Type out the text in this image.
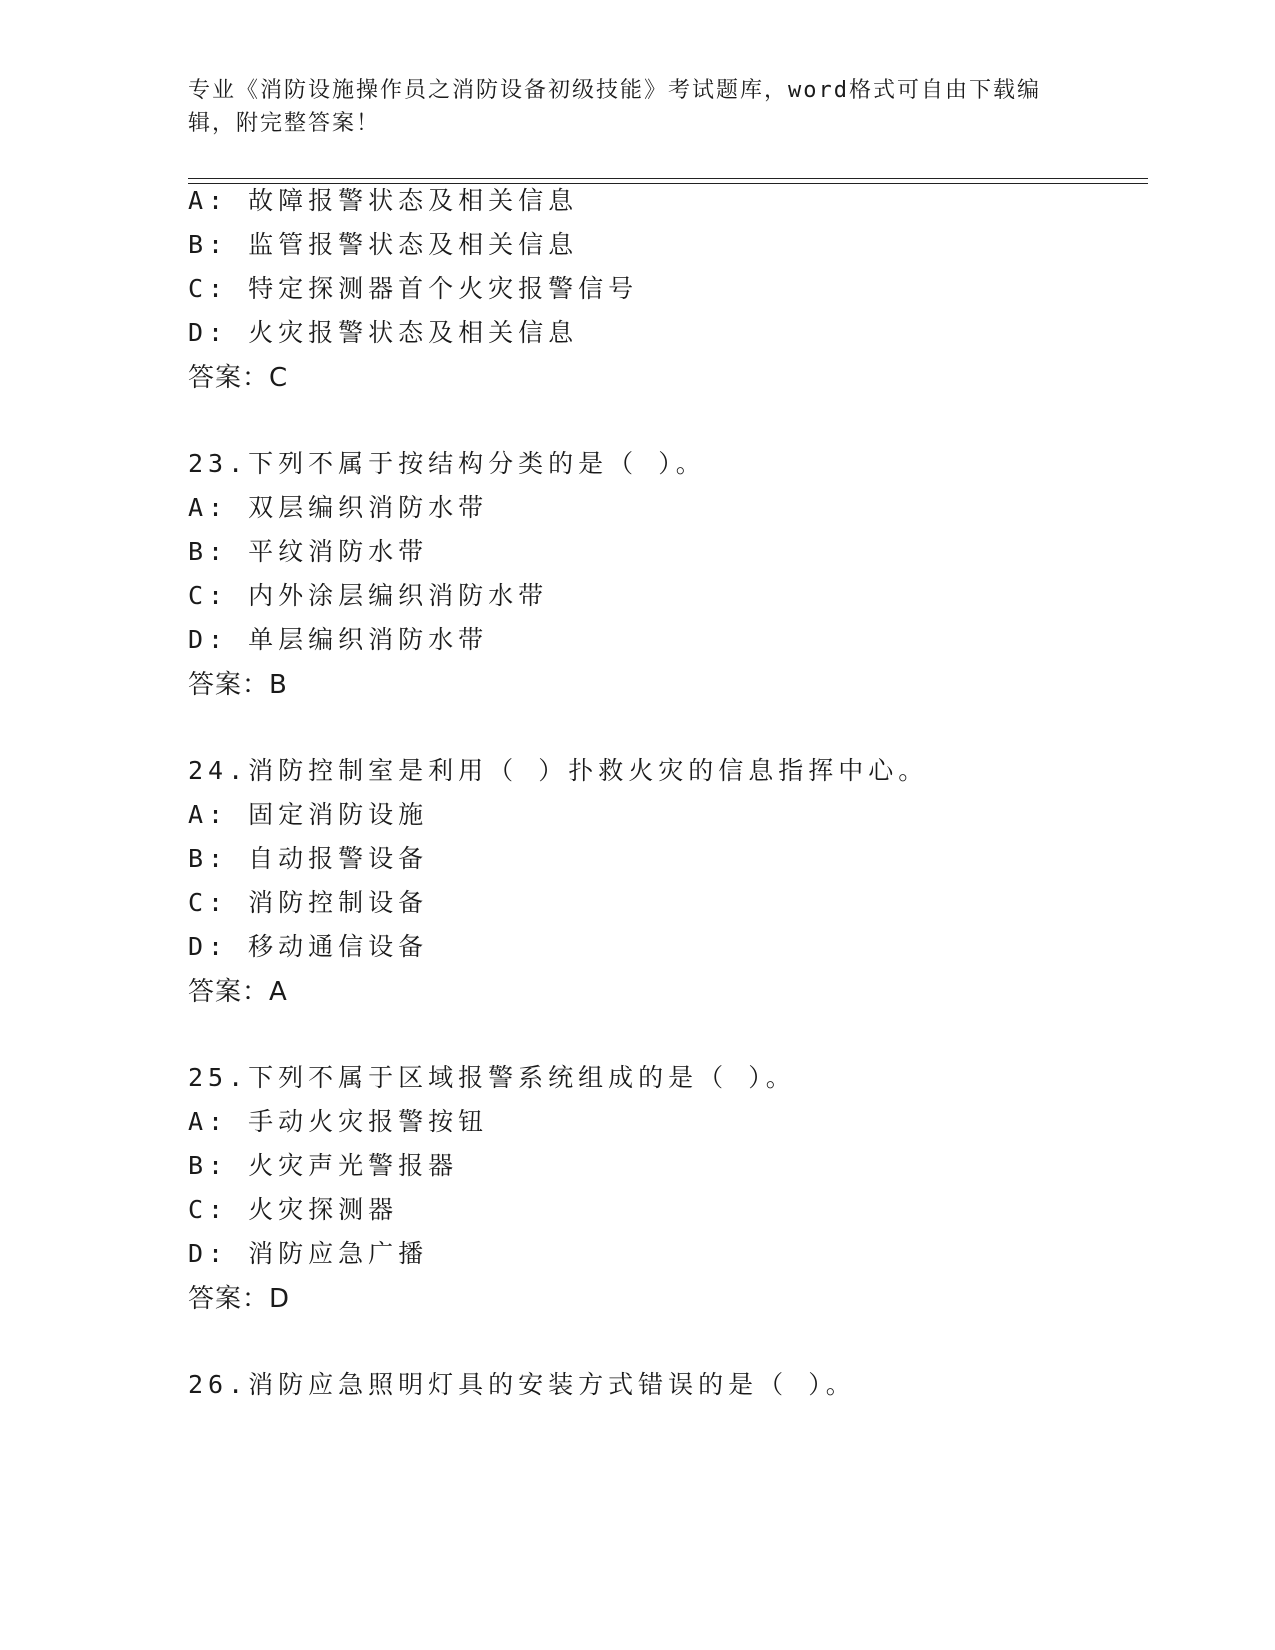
专业《消防设施操作员之消防设备初级技能》考试题库，word格式可自由下载编
辑，附完整答案！
A: 故障报警状态及相关信息
B: 监管报警状态及相关信息
C: 特定探测器首个火灾报警信号
D: 火灾报警状态及相关信息
答案：C
23.下列不属于按结构分类的是（ ）。
A: 双层编织消防水带
B: 平纹消防水带
C: 内外涂层编织消防水带
D: 单层编织消防水带
答案：B
24.消防控制室是利用（ ）扑救火灾的信息指挥中心。
A: 固定消防设施
B: 自动报警设备
C: 消防控制设备
D: 移动通信设备
答案：A
25.下列不属于区域报警系统组成的是（ ）。
A: 手动火灾报警按钮
B: 火灾声光警报器
C: 火灾探测器
D: 消防应急广播
答案：D
26.消防应急照明灯具的安装方式错误的是（ ）。
